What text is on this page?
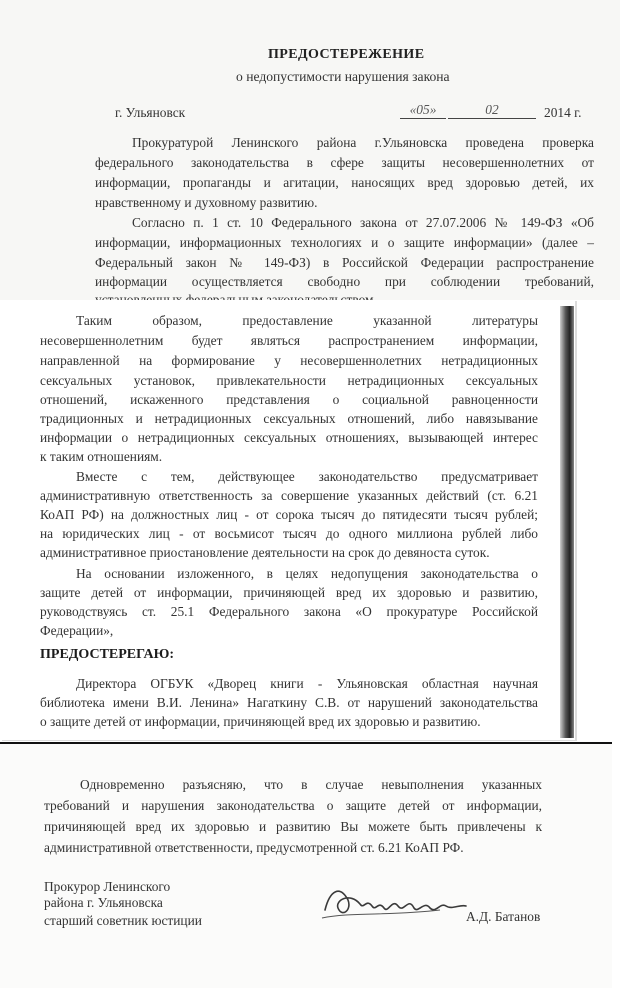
ПРЕДОСТЕРЕЖЕНИЕ
о недопустимости нарушения закона
г. Ульяновск	«05»	02	2014 г.
Прокуратурой Ленинского района г.Ульяновска проведена проверка
федерального законодательства в сфере защиты несовершеннолетних от
информации, пропаганды и агитации, наносящих вред здоровью детей, их
нравственному и духовному развитию.
Согласно п. 1 ст. 10 Федерального закона от 27.07.2006 № 149-ФЗ «Об
информации, информационных технологиях и о защите информации» (далее –
Федеральный закон № 149-ФЗ) в Российской Федерации распространение
информации осуществляется свободно при соблюдении требований,
Таким образом, предоставление указанной литературы
несовершеннолетним будет являться распространением информации,
направленной на формирование у несовершеннолетних нетрадиционных
сексуальных установок, привлекательности нетрадиционных сексуальных
отношений, искаженного представления о социальной равноценности
традиционных и нетрадиционных сексуальных отношений, либо навязывание
информации о нетрадиционных сексуальных отношениях, вызывающей интерес
к таким отношениям.
Вместе с тем, действующее законодательство предусматривает
административную ответственность за совершение указанных действий (ст. 6.21
КоАП РФ) на должностных лиц - от сорока тысяч до пятидесяти тысяч рублей;
на юридических лиц - от восьмисот тысяч до одного миллиона рублей либо
административное приостановление деятельности на срок до девяноста суток.
На основании изложенного, в целях недопущения законодательства о
защите детей от информации, причиняющей вред их здоровью и развитию,
руководствуясь ст. 25.1 Федерального закона «О прокуратуре Российской
Федерации»,
ПРЕДОСТЕРЕГАЮ:
Директора ОГБУК «Дворец книги - Ульяновская областная научная
библиотека имени В.И. Ленина» Нагаткину С.В. от нарушений законодательства
о защите детей от информации, причиняющей вред их здоровью и развитию.
Одновременно разъясняю, что в случае невыполнения указанных
требований и нарушения законодательства о защите детей от информации,
причиняющей вред их здоровью и развитию Вы можете быть привлечены к
административной ответственности, предусмотренной ст. 6.21 КоАП РФ.
Прокурор Ленинского
района г. Ульяновска
старший советник юстиции	А.Д. Батанов
